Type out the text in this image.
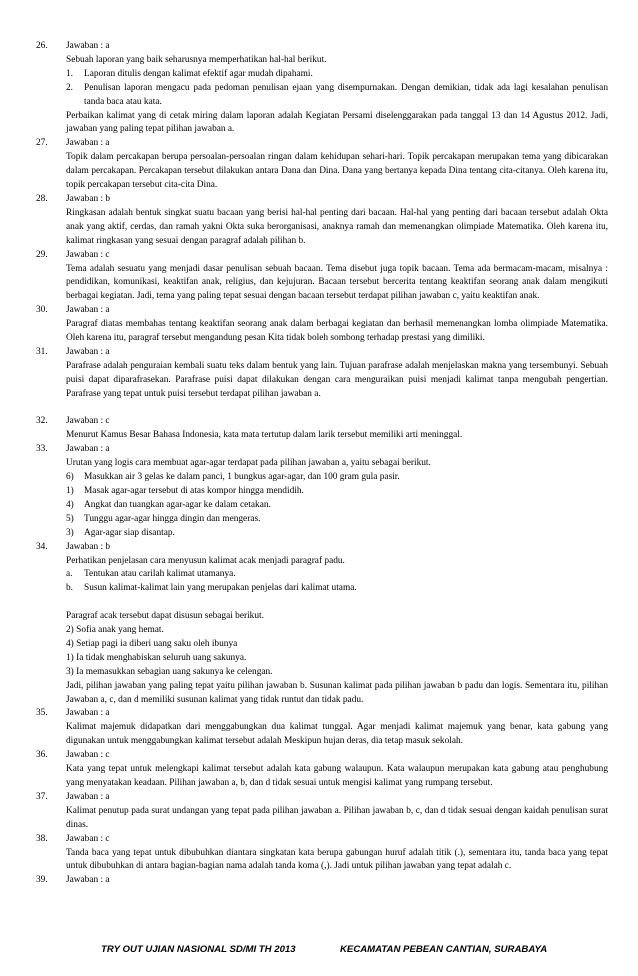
26.	Jawaban : a
Sebuah laporan yang baik seharusnya memperhatikan hal-hal berikut.
1.	Laporan ditulis dengan kalimat efektif agar mudah dipahami.
2.	Penulisan laporan mengacu pada pedoman penulisan ejaan yang disempurnakan. Dengan demikian, tidak ada lagi kesalahan penulisan tanda baca atau kata.
Perbaikan kalimat yang di cetak miring dalam laporan adalah Kegiatan Persami diselenggarakan pada tanggal 13 dan 14 Agustus 2012. Jadi, jawaban yang paling tepat pilihan jawaban a.
27.	Jawaban : a
Topik dalam percakapan berupa persoalan-persoalan ringan dalam kehidupan sehari-hari. Topik percakapan merupakan tema yang dibicarakan dalam percakapan. Percakapan tersebut dilakukan antara Dana dan Dina. Dana yang bertanya kepada Dina tentang cita-citanya. Oleh karena itu, topik percakapan tersebut cita-cita Dina.
28.	Jawaban : b
Ringkasan adalah bentuk singkat suatu bacaan yang berisi hal-hal penting dari bacaan. Hal-hal yang penting dari bacaan tersebut adalah Okta anak yang aktif, cerdas, dan ramah yakni Okta suka berorganisasi, anaknya ramah dan memenangkan olimpiade Matematika. Oleh karena itu, kalimat ringkasan yang sesuai dengan paragraf adalah pilihan b.
29.	Jawaban : c
Tema adalah sesuatu yang menjadi dasar penulisan sebuah bacaan. Tema disebut juga topik bacaan. Tema ada bermacam-macam, misalnya : pendidikan, komunikasi, keaktifan anak, religius, dan kejujuran. Bacaan tersebut bercerita tentang keaktifan seorang anak dalam mengikuti berbagai kegiatan. Jadi, tema yang paling tepat sesuai dengan bacaan tersebut terdapat pilihan jawaban c, yaitu keaktifan anak.
30.	Jawaban : a
Paragraf diatas membahas tentang keaktifan seorang anak dalam berbagai kegiatan dan berhasil memenangkan lomba olimpiade Matematika. Oleh karena itu, paragraf tersebut mengandung pesan Kita tidak boleh sombong terhadap prestasi yang dimiliki.
31.	Jawaban : a
Parafrase adalah penguraian kembali suatu teks dalam bentuk yang lain. Tujuan parafrase adalah menjelaskan makna yang tersembunyi. Sebuah puisi dapat diparafrasekan. Parafrase puisi dapat dilakukan dengan cara menguraikan puisi menjadi kalimat tanpa mengubah pengertian. Parafrase yang tepat untuk puisi tersebut terdapat pilihan jawaban a.
32.	Jawaban : c
Menurut Kamus Besar Bahasa Indonesia, kata mata tertutup dalam larik tersebut memiliki arti meninggal.
33.	Jawaban : a
Urutan yang logis cara membuat agar-agar terdapat pada pilihan jawaban a, yaitu sebagai berikut.
6)	Masukkan air 3 gelas ke dalam panci, 1 bungkus agar-agar, dan 100 gram gula pasir.
1)	Masak agar-agar tersebut di atas kompor hingga mendidih.
4)	Angkat dan tuangkan agar-agar ke dalam cetakan.
5)	Tunggu agar-agar hingga dingin dan mengeras.
3)	Agar-agar siap disantap.
34.	Jawaban : b
Perhatikan penjelasan cara menyusun kalimat acak menjadi paragraf padu.
a.	Tentukan atau carilah kalimat utamanya.
b.	Susun kalimat-kalimat lain yang merupakan penjelas dari kalimat utama.
Paragraf acak tersebut dapat disusun sebagai berikut.
2) Sofia anak yang hemat.
4) Setiap pagi ia diberi uang saku oleh ibunya
1) Ia tidak menghabiskan seluruh uang sakunya.
3) Ia memasukkan sebagian uang sakunya ke celengan.
Jadi, pilihan jawaban yang paling tepat yaitu pilihan jawaban b. Susunan kalimat pada pilihan jawaban b padu dan logis. Sementara itu, pilihan Jawaban a, c, dan d memiliki susunan kalimat yang tidak runtut dan tidak padu.
35.	Jawaban : a
Kalimat majemuk didapatkan dari menggabungkan dua kalimat tunggal. Agar menjadi kalimat majemuk yang benar, kata gabung yang digunakan untuk menggabungkan kalimat tersebut adalah Meskipun hujan deras, dia tetap masuk sekolah.
36.	Jawaban : c
Kata yang tepat untuk melengkapi kalimat tersebut adalah kata gabung walaupun. Kata walaupun merupakan kata gabung atau penghubung yang menyatakan keadaan. Pilihan jawaban a, b, dan d tidak sesuai untuk mengisi kalimat yang rumpang tersebut.
37.	Jawaban : a
Kalimat penutup pada surat undangan yang tepat pada pilihan jawaban a. Pilihan jawaban b, c, dan d tidak sesuai dengan kaidah penulisan surat dinas.
38.	Jawaban : c
Tanda baca yang tepat untuk dibubuhkan diantara singkatan kata berupa gabungan huruf adalah titik (.), sementara itu, tanda baca yang tepat untuk dibubuhkan di antara bagian-bagian nama adalah tanda koma (,). Jadi untuk pilihan jawaban yang tepat adalah c.
39.	Jawaban : a
TRY OUT UJIAN NASIONAL SD/MI TH 2013	KECAMATAN PEBEAN CANTIAN, SURABAYA
